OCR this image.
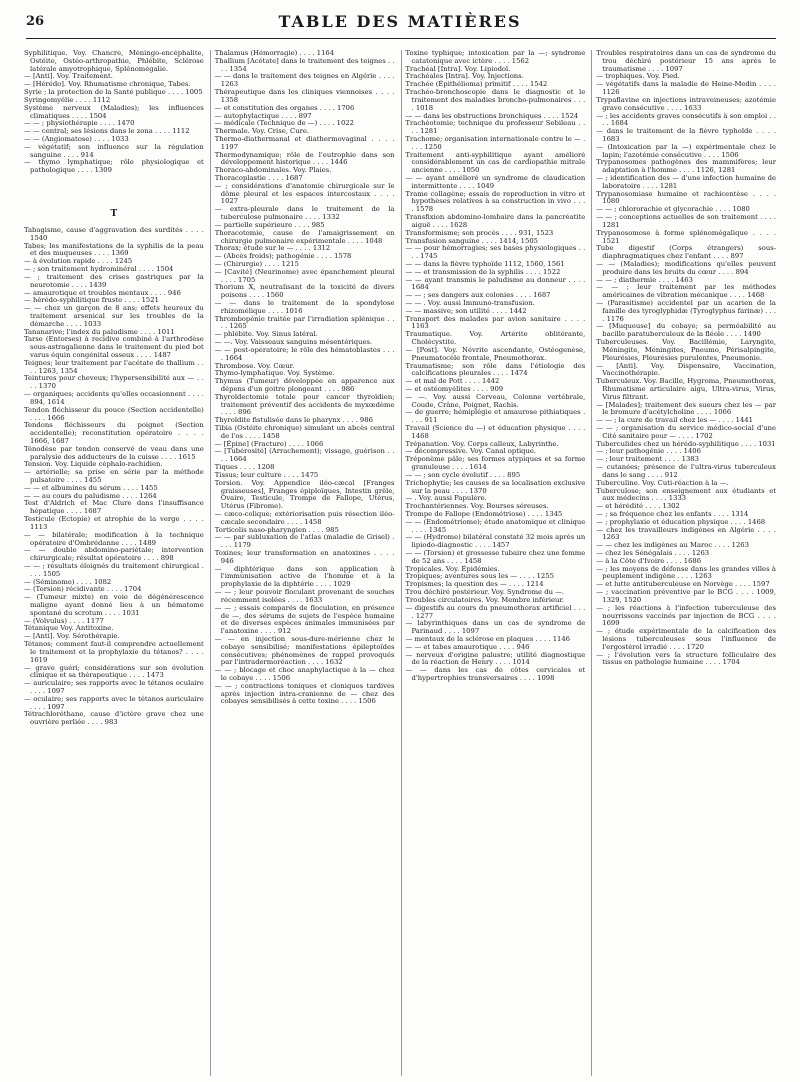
26	TABLE DES MATIÈRES
Syphilitique. Voy. Chancre, Méningo-encéphalite, Ostéite, Ostéo-arthropathie, Phlébite, Sclérose latérale amyotrophique, Splénomégalie.
— [Anti]. Voy. Traitement.
— [Hérédo]. Voy. Rhumatisme chronique, Tabes.
Syrie ; la protection de la Santé publique . . . . 1005
Syringomyélie . . . . 1112
Système nerveux (Maladies); les influences climatiques . . . . 1504
— — ; physiothérapie . . . . 1470
— — central; ses lésions dans le zona . . . . 1112
— — (Angiomatose) . . . . 1033
— végétatif; son influence sur la régulation sanguine . . . . 914
— thymo lymphatique; rôle physiologique et pathologique . . . . 1309
T
Tabagisme, cause d'aggravation des surdités . . . . 1540
Tabes; les manifestations de la syphilis de la peau et des muqueuses . . . . 1369
— à évolution rapide . . . . 1245
— ; son traitement hydrominéral . . . . 1504
— ; traitement des crises gastriques par la neurotomie . . . . 1439
— amaurotique et troubles mentaux . . . . 946
— hérédo-syphilitique fruste . . . . 1521
— — chez un garçon de 8 ans; effets heureux du traitement arsenical sur les troubles de la démarche . . . . 1033
Tananarive; l'index du paludisme . . . . 1011
Tarse (Entorses) à recidive combiné à l'arthrodèse sous-astragalienne dans le traitement du pied bot varus équin congénital osseux . . . . 1487
Teignes; leur traitement par l'acétate de thallium . . . . 1263, 1354
Teintures pour cheveux; l'hypersensibilité aux — . . . . 1370
— organiques; accidents qu'elles occasionnent . . . . 894, 1614
Tendon fléchisseur du pouce (Section accidentelle) . . . . 1666
Tendons fléchisseurs du poignet (Section accidentelle); reconstitution opératoire . . . . 1666, 1687
Ténodèse par tendon conservé de veau dans une paralysie des adducteurs de la cuisse . . . . 1615
Tension. Voy. Liquide céphalo-rachidien.
— artérielle; sa prise en série par la méthode pulsatoire . . . . 1455
— — et albumines du sérum . . . . 1455
— — au cours du paludisme . . . . 1264
Test d'Aldrich et Mac Clure dans l'insuffisance hépatique . . . . 1687
Testicule (Ectopie) et atrophie de la verge . . . . 1113
— — bilatérale; modification à la technique opératoire d'Ombrédanne . . . . 1489
— — double abdomino-pariétale; intervention chirurgicale; résultat opératoire . . . . 898
— — ; résultats éloignés du traitement chirurgical . . . . 1505
— (Séminome) . . . . 1082
— (Torsion) récidivante . . . . 1704
— (Tumeur mixte) en voie de dégénérescence maligne ayant donné lieu à un hématome spontané du scrotum . . . . 1031
— (Volvulus) . . . . 1177
Tétanique Voy. Antitoxine.
— [Anti]. Voy. Sérothérapie.
Tétanos; comment faut-il comprendre actuellement le traitement et la prophylaxie du tétanos? . . . . 1619
— grave guéri; considérations sur son évolution clinique et sa thérapeutique . . . . 1473
— auriculaire; ses rapports avec le tétanos oculaire . . . . 1097
— oculaire; ses rapports avec le tétanos auriculaire . . . . 1097
Tétrachloréthane, cause d'ictère grave chez une ouvrière perliée . . . . 983
Thalamus (Hémorragie) . . . . 1164
Thallium [Acétate] dans le traitement des teignes . . . . 1354
— — dans le traitement des teignes en Algérie . . . . 1263
Thérapeutique dans les cliniques viennoises . . . . 1358
— et constitution des organes . . . . 1706
— autophylactique . . . . 897
— médicale (Technique de —) . . . . 1022
Thermale. Voy. Crise, Cure.
Thermo-diathermanal et diathermovaginal . . . . 1197
Thermodynamique; rôle de l'eutrophie dans son développement historique . . . . 1446
Thoraco-abdominales. Voy. Plaies.
Thoracoplastie . . . . 1687
— ; considérations d'anatomie chirurgicale sur le dôme pleural et les espaces intercostaux . . . . 1027
— extra-pleurale dans le traitement de la tuberculose pulmonaire . . . . 1332
— partielle supérieure . . . . 985
Thoracotomie, cause de l'amaigrissement en chirurgie pulmonaire expérimentale . . . . 1048
Thorax; étude sur le — . . . . 1312
— (Abcès froids); pathogénie . . . . 1578
— (Chirurgie) . . . . 1215
— [Cavité] (Neurinome) avec épanchement pleural . . . . 1705
Thorium X, neutralisant de la toxicité de divers poisons . . . . 1560
— — dans le traitement de la spondylose rhizomélique . . . . 1016
Thrombopénie traitée par l'irradiation splénique . . . . 1265
— phlébite. Voy. Sinus latéral.
— —. Voy. Vaisseaux sanguins mésentériques.
— — post-opératoire; le rôle des hématoblastes . . . . 1664
Thrombose. Voy. Cœur.
Thymo-lymphatique. Voy. Système.
Thymus (Tumeur) développée en apparence aux dépens d'un goitre plongeant . . . . 986
Thyroïdectomie totale pour cancer thyroïdien; traitement préventif des accidents de myxœdème . . . . 896
Thyroïdite fistulisée dans le pharynx . . . . 986
Tibia (Ostéite chronique) simulant un abcès central de l'os . . . . 1458
— [Épine] (Fracture) . . . . 1066
— [Tubérosité] (Arrachement); vissage, guérison . . . . 1664
Tiques . . . . 1208
Tissus; leur culture . . . . 1475
Torsion. Voy. Appendice iléo-cæcal [Franges graisseuses], Franges épiploïques, Intestin grêle, Ovaire, Testicule, Trompe de Fallope, Utérus, Utérus (Fibrome).
— cæco-colique; extériorisation puis résection iléo-cæcale secondaire . . . . 1458
Torticolis naso-pharyngien . . . . 985
— — par subluxation de l'atlas (maladie de Grisel) . . . . 1179
Toxines; leur transformation en anatoxines . . . . 946
— diphtérique dans son application à l'immunisation active de l'homme et à la prophylaxie de la diphtérie . . . . 1029
— — ; leur pouvoir floculant provenant de souches récemment isolées . . . . 1633
— — ; essais comparés de floculation, en présence de —, des sérums de sujets de l'espèce humaine et de diverses espèces animales immunisées par l'anatoxine . . . . 912
— — en injection sous-dure-mérienne chez le cobaye sensibilisé; manifestations épileptoïdes consécutives; phénomènes de rappel provoqués par l'intradermoréaction . . . . 1632
— — ; blocage et choc anaphylactique à la — chez le cobaye . . . . 1506
— — ; contractions toniques et cloniques tardives après injection intra-cranienne de — chez des cobayes sensibilisés à cette toxine . . . . 1506
Toxine typhique; intoxication par la —; syndrome catatonique avec ictère . . . . 1562
Trachéal [Intra]. Voy. Lipiodol.
Trachéales [Intra]. Voy. Injections.
Trachée (Épithélioma) primitif . . . . 1542
Trachéo-bronchoscopie dans le diagnostic et le traitement des maladies broncho-pulmonaires . . . . 1018
— — dans les obstructions bronchiques . . . . 1524
Trachéotomie; technique du professeur Sebileau . . . . 1281
Trachome; organisation internationale contre le — . . . . 1250
Traitement anti-syphilitique ayant amélioré considérablement un cas de cardiopathie mitrale ancienne . . . . 1050
— — ayant amélioré un syndrome de claudication intermittente . . . . 1049
Trame collagène; essais de reproduction in vitro et hypothèses relatives à sa construction in vivo . . . . 1578
Transfixion abdomino-lombaire dans la pancréatite aiguë . . . . 1628
Transformisme; son procès . . . . 931, 1523
Transfusion sanguine . . . . 1414, 1505
— — pour hémorragies; ses bases physiologiques . . . . 1745
— — dans la fièvre typhoïde 1112, 1560, 1561
— — et transmission de la syphilis . . . . 1522
— — ayant transmis le paludisme au donneur . . . . 1684
— — ; ses dangers aux colonies . . . . 1687
— — . Voy. aussi Immuno-transfusion.
— — massive; son utilité . . . . 1442
Transport des malades par avion sanitaire . . . . 1163
Traumatique. Voy. Artérite oblitérante, Cholécystite.
— [Post]. Voy. Névrite ascendante, Ostéogenèse, Pneumatocèle frontale, Pneumothorax.
Traumatisme; son rôle dans l'étiologie des calcifications pleurales . . . . 1474
— et mal de Pott . . . . 1442
— et ostéomyélites . . . . 909
— —. Voy. aussi Cerveau, Colonne vertébrale, Coude, Crâne, Poignet, Rachis.
— de guerre; hémiplégie et amaurose pithiatiques . . . . 911
Travail (Science du —) et éducation physique . . . . 1468
Trépanation. Voy. Corps calleux, Labyrinthe.
— décompressive. Voy. Canal optique.
Tréponème pâle; ses formes atypiques et sa forme granuleuse . . . . 1614
— — ; son cycle évolutif . . . . 895
Trichophytie; les causes de sa localisation exclusive sur la peau . . . . 1370
— . Voy. aussi Papulère.
Trochantériennes. Voy. Bourses séreuses.
Trompe de Fallope (Endométriose) . . . . 1345
— — (Endométriome); étude anatomique et clinique . . . . 1345
— — (Hydrome) bilatéral constaté 32 mois après un lipiodo-diagnostic . . . . 1457
— — (Torsion) et grossesse tubaire chez une femme de 52 ans . . . . 1458
Tropicales. Voy. Épidémies.
Tropiques; aventures sous les — . . . . 1255
Tropismes; la question des — . . . . 1214
Trou déchiré postérieur. Voy. Syndrome du —.
Troubles circulatoires. Voy. Membre inférieur.
— digestifs au cours du pneumothorax artificiel . . . . 1277
— labyrinthiques dans un cas de syndrome de Parinaud . . . . 1097
— mentaux de la sclérose en plaques . . . . 1146
— — et tabes amaurotique . . . . 946
— nerveux d'origine palustre; utilité diagnostique de la réaction de Henry . . . . 1014
— — dans les cas de côtes cervicales et d'hypertrophies transversaires . . . . 1098
Troubles respiratoires dans un cas de syndrome du trou déchiré postérieur 15 ans après le traumatisme . . . . 1097
— trophiques. Voy. Pied.
— végétatifs dans la maladie de Heine-Medin . . . . 1126
Trypaflavine en injections intraveineuses; azotémie grave consécutive . . . . 1633
— ; les accidents graves consécutifs à son emploi . . . . 1684
— dans le traitement de la fièvre typhoïde . . . . 1683
— (Intoxication par la —) expérimentale chez le lapin; l'azotémie consécutive . . . . 1506
Trypanosomes pathogènes des mammifères; leur adaptation à l'homme . . . . 1126, 1281
— ; identification des — d'une infection humaine de laboratoire . . . . 1281
Trypanosomiase humaine et rachicentèse . . . . 1080
— — ; chlororachie et glycorachie . . . . 1080
— — ; conceptions actuelles de son traitement . . . . 1281
Trypanosomose à forme splénomégalique . . . . 1521
Tube digestif (Corps étrangers) sous-diaphragmatiques chez l'enfant . . . . 897
— — (Maladies); modifications qu'elles peuvent produire dans les bruits du cœur . . . . 894
— — ; diathermie . . . . 1463
— — ; leur traitement par les méthodes américaines de vibration mécanique . . . . 1468
— (Parasitisme) accidentel par un acarien de la famille des tyroglyphidæ (Tyroglyphus farinæ) . . . . 1176
— [Muqueuse] du cobaye; sa perméabilité au bacille paratuberculeux de la fléole . . . . 1490
Tuberculeuses. Voy. Bacillémie, Laryngite, Méningite, Méningites, Pneumo, Périsalpingite, Pleurésies, Pleurésies purulentes, Pneumonie.
— [Anti]. Voy. Dispensaire, Vaccination, Vaccinothérapie.
Tuberculeux. Voy. Bacille, Hygroma, Pneumothorax, Rhumatisme articulaire aigu, Ultra-virus, Virus, Virus filtrant.
— [Malades]; traitement des sueurs chez les — par le bromure d'acétylcholine . . . . 1066
— — ; la cure de travail chez les — . . . . 1441
— — ; organisation du service médico-social d'une Cité sanitaire pour — . . . . 1702
Tuberculides chez un hérédo-syphilitique . . . . 1031
— ; leur pathogénie . . . . 1406
— ; leur traitement . . . . 1383
— cutanées; présence de l'ultra-virus tuberculeux dans le sang . . . . 912
Tuberculine. Voy. Cuti-réaction à la —.
Tuberculose; son enseignement aux étudiants et aux médecins . . . . 1333
— et hérédité . . . . 1302
— ; sa fréquence chez les enfants . . . . 1314
— ; prophylaxie et éducation physique . . . . 1468
— chez les travailleurs indigènes en Algérie . . . . 1263
— — chez les indigènes au Maroc . . . . 1263
— chez les Sénégalais . . . . 1263
— à la Côte d'Ivoire . . . . 1686
— ; les moyens de défense dans les grandes villes à peuplement indigène . . . . 1263
— et lutte antituberculeuse en Norvège . . . . 1597
— ; vaccination préventive par le BCG . . . . 1009, 1329, 1520
— ; les réactions à l'infection tuberculeuse des nourrissons vaccinés par injection de BCG . . . . 1699
— ; étude expérimentale de la calcification des lésions tuberculeuses sous l'influence de l'ergostérol irradié . . . . 1720
— ; l'évolution vers la structure folliculaire des tissus en pathologie humaine . . . . 1704
